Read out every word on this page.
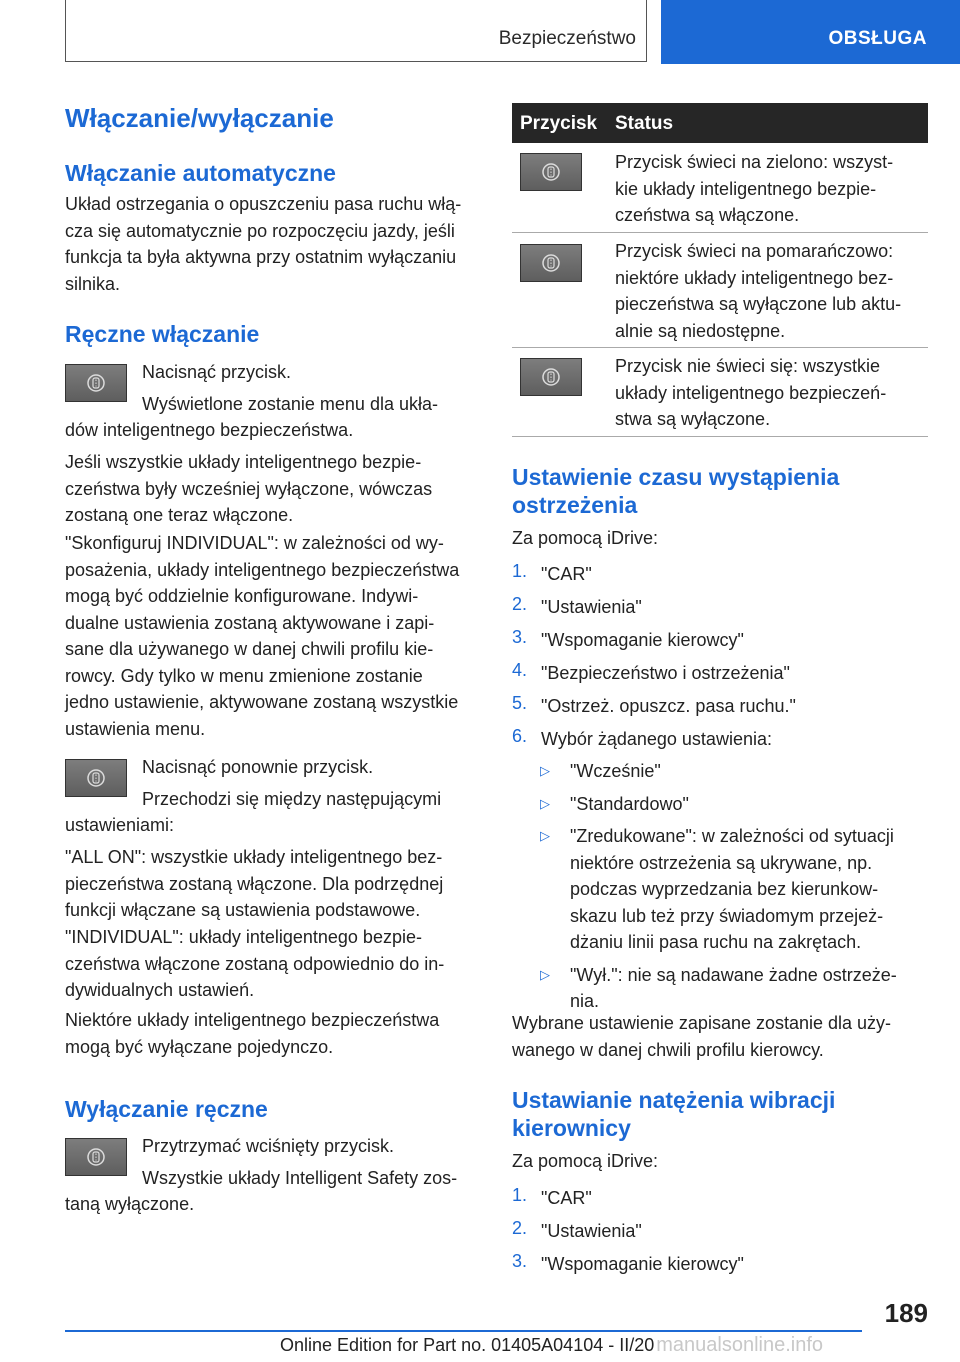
Bezpieczeństwo	OBSŁUGA
Włączanie/wyłączanie
Włączanie automatyczne
Układ ostrzegania o opuszczeniu pasa ruchu włą‐
cza się automatycznie po rozpoczęciu jazdy, jeśli
funkcja ta była aktywna przy ostatnim wyłączaniu
silnika.
Ręczne włączanie
Nacisnąć przycisk.
Wyświetlone zostanie menu dla ukła‐
dów inteligentnego bezpieczeństwa.
Jeśli wszystkie układy inteligentnego bezpie‐
czeństwa były wcześniej wyłączone, wówczas
zostaną one teraz włączone.
"Skonfiguruj INDIVIDUAL": w zależności od wy‐
posażenia, układy inteligentnego bezpieczeństwa
mogą być oddzielnie konfigurowane. Indywi‐
dualne ustawienia zostaną aktywowane i zapi‐
sane dla używanego w danej chwili profilu kie‐
rowcy. Gdy tylko w menu zmienione zostanie
jedno ustawienie, aktywowane zostaną wszystkie
ustawienia menu.
Nacisnąć ponownie przycisk.
Przechodzi się między następującymi
ustawieniami:
"ALL ON": wszystkie układy inteligentnego bez‐
pieczeństwa zostaną włączone. Dla podrzędnej
funkcji włączane są ustawienia podstawowe.
"INDIVIDUAL": układy inteligentnego bezpie‐
czeństwa włączone zostaną odpowiednio do in‐
dywidualnych ustawień.
Niektóre układy inteligentnego bezpieczeństwa
mogą być wyłączane pojedynczo.
Wyłączanie ręczne
Przytrzymać wciśnięty przycisk.
Wszystkie układy Intelligent Safety zos‐
taną wyłączone.
Przycisk Status
Przycisk świeci na zielono: wszyst‐
kie układy inteligentnego bezpie‐
czeństwa są włączone.
Przycisk świeci na pomarańczowo:
niektóre układy inteligentnego bez‐
pieczeństwa są wyłączone lub aktu‐
alnie są niedostępne.
Przycisk nie świeci się: wszystkie
układy inteligentnego bezpieczeń‐
stwa są wyłączone.
Ustawienie czasu wystąpienia
ostrzeżenia
Za pomocą iDrive:
1. "CAR"
2. "Ustawienia"
3. "Wspomaganie kierowcy"
4. "Bezpieczeństwo i ostrzeżenia"
5. "Ostrzeż. opuszcz. pasa ruchu."
6. Wybór żądanego ustawienia:
▷	"Wcześnie"
▷	"Standardowo"
▷	"Zredukowane": w zależności od sytuacji
niektóre ostrzeżenia są ukrywane, np.
podczas wyprzedzania bez kierunkow‐
skazu lub też przy świadomym przejeż‐
dżaniu linii pasa ruchu na zakrętach.
▷	"Wył.": nie są nadawane żadne ostrzeże‐
nia.
Wybrane ustawienie zapisane zostanie dla uży‐
wanego w danej chwili profilu kierowcy.
Ustawianie natężenia wibracji
kierownicy
Za pomocą iDrive:
1. "CAR"
2. "Ustawienia"
3. "Wspomaganie kierowcy"
189
Online Edition for Part no. 01405A04104 - II/20 manualsonline.info
